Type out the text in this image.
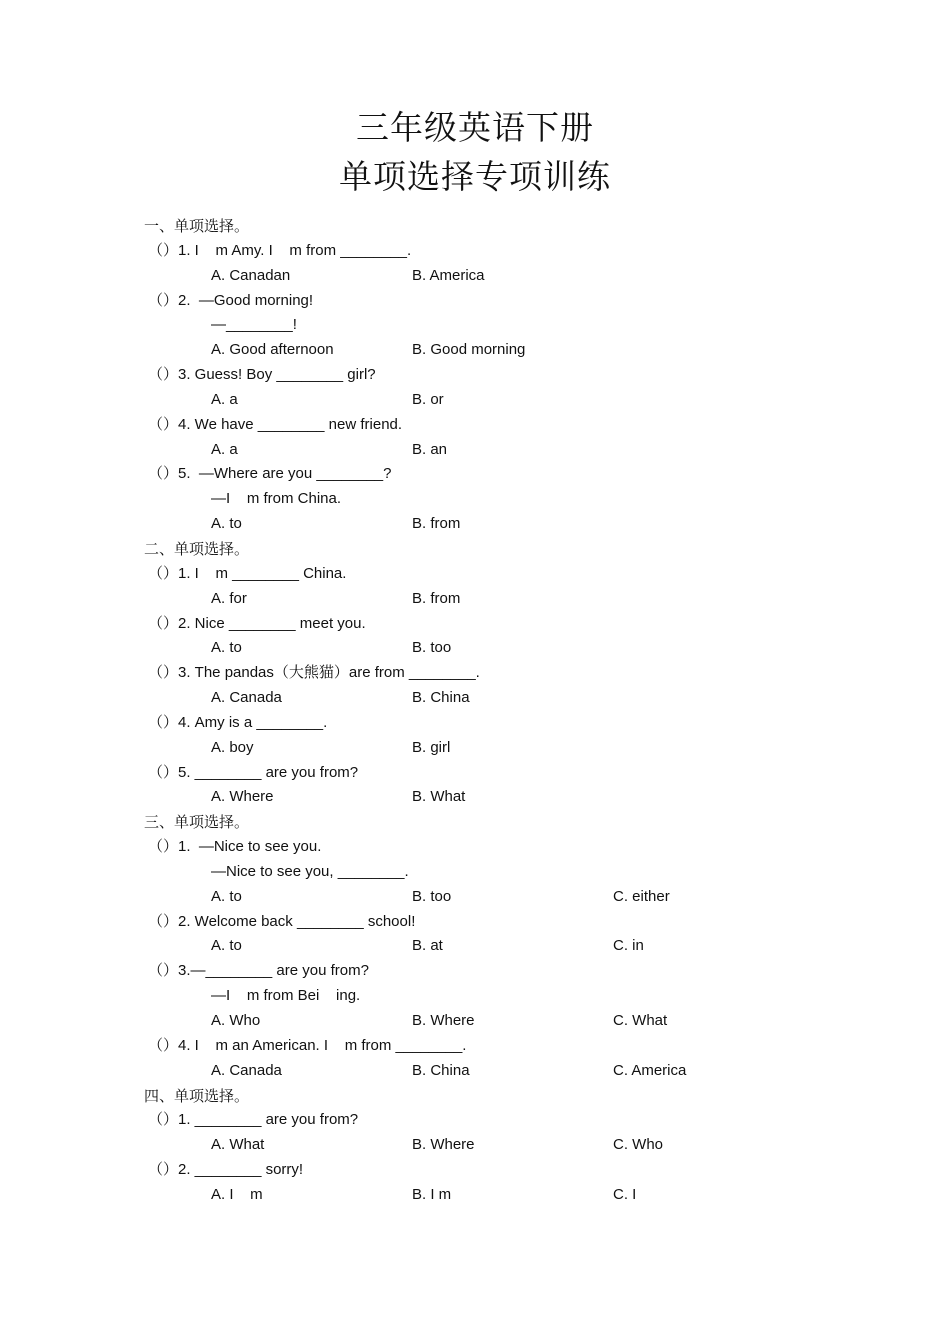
三年级英语下册
单项选择专项训练
一、单项选择。
（）1. I    m Amy. I    m from ________.
A. Canadan	B. America
（）2.  —Good morning!
—________!
A. Good afternoon	B. Good morning
（）3. Guess! Boy ________ girl?
A. a	B. or
（）4. We have ________ new friend.
A. a	B. an
（）5.  —Where are you ________?
—I    m from China.
A. to	B. from
二、单项选择。
（）1. I    m ________ China.
A. for	B. from
（）2. Nice ________ meet you.
A. to	B. too
（）3. The pandas（大熊猫）are from ________.
A. Canada	B. China
（）4. Amy is a ________.
A. boy	B. girl
（）5. ________ are you from?
A. Where	B. What
三、单项选择。
（）1.  —Nice to see you.
—Nice to see you, ________.
A. to	B. too	C. either
（）2. Welcome back ________ school!
A. to	B. at	C. in
（）3.—________ are you from?
—I    m from Bei    ing.
A. Who	B. Where	C. What
（）4. I    m an American. I    m from ________.
A. Canada	B. China	C. America
四、单项选择。
（）1. ________ are you from?
A. What	B. Where	C. Who
（）2. ________ sorry!
A. I    m	B. I m	C. I
